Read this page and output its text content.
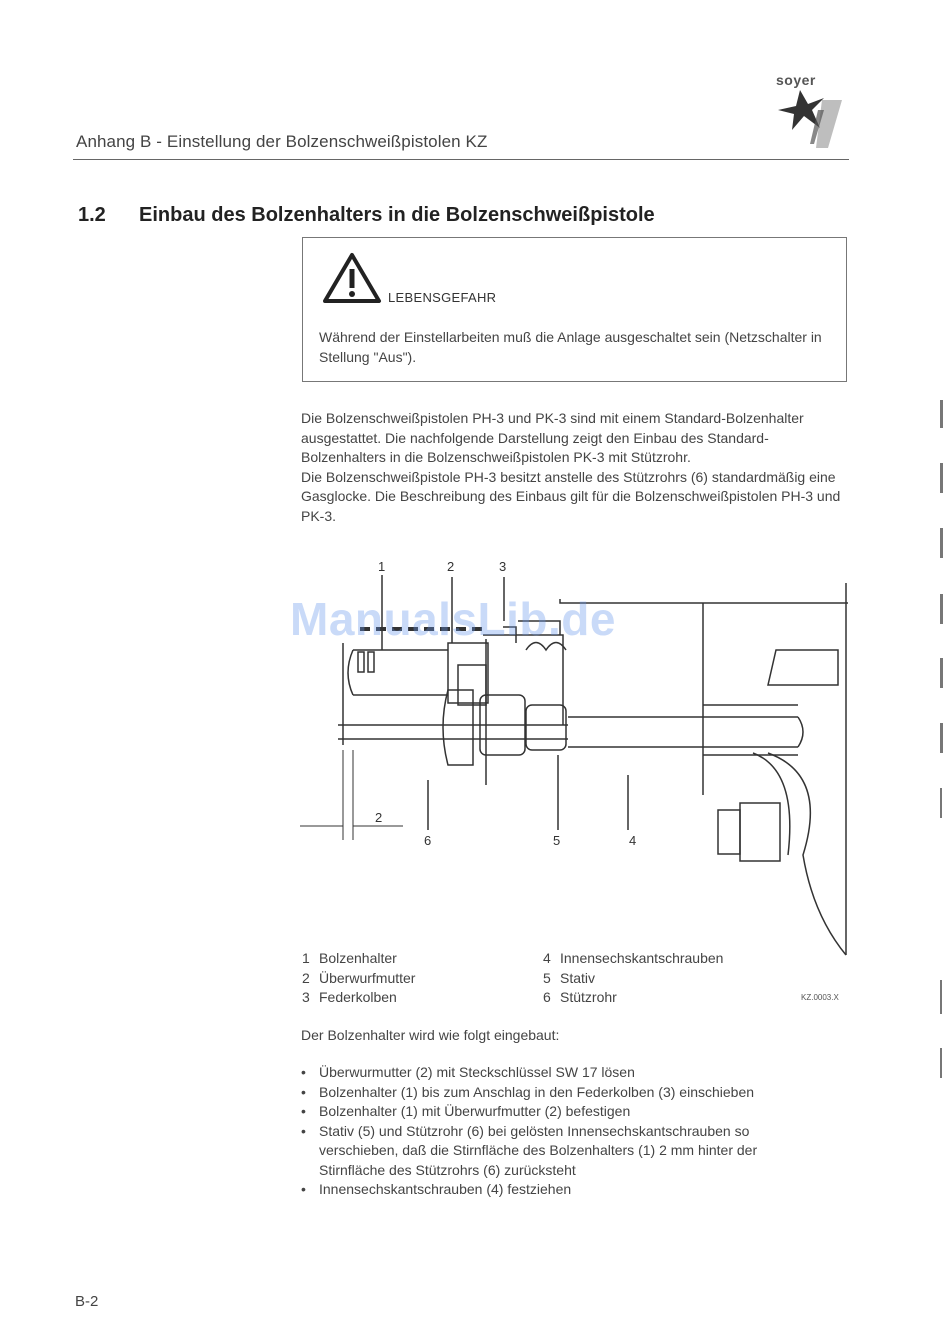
Anhang B - Einstellung der Bolzenschweißpistolen KZ
soyer
1.2 Einbau des Bolzenhalters in die Bolzenschweißpistole
LEBENSGEFAHR
Während der Einstellarbeiten muß die Anlage ausgeschaltet sein (Netzschalter in Stellung "Aus").

Die Bolzenschweißpistolen PH-3 und PK-3 sind mit einem Standard-Bolzenhalter ausgestattet. Die nachfolgende Darstellung zeigt den Einbau des Standard-Bolzenhalters in die Bolzenschweißpistolen PK-3 mit Stützrohr.

Die Bolzenschweißpistole PH-3 besitzt anstelle des Stützrohrs (6) standardmäßig eine Gasglocke. Die Beschreibung des Einbaus gilt für die Bolzenschweißpistolen PH-3 und PK-3.

1	2	3
6	5	4
2
ManualsLib.de
1 Bolzenhalter
2 Überwurfmutter
3 Federkolben
4 Innensechskantschrauben
5 Stativ
6 Stützrohr	KZ.0003.X
Der Bolzenhalter wird wie folgt eingebaut:
• Überwurmutter (2) mit Steckschlüssel SW 17 lösen
• Bolzenhalter (1) bis zum Anschlag in den Federkolben (3) einschieben
• Bolzenhalter (1) mit Überwurfmutter (2) befestigen
• Stativ (5) und Stützrohr (6) bei gelösten Innensechskantschrauben so verschieben, daß die Stirnfläche des Bolzenhalters (1) 2 mm hinter der Stirnfläche des Stützrohrs (6) zurücksteht
• Innensechskantschrauben (4) festziehen
B-2
